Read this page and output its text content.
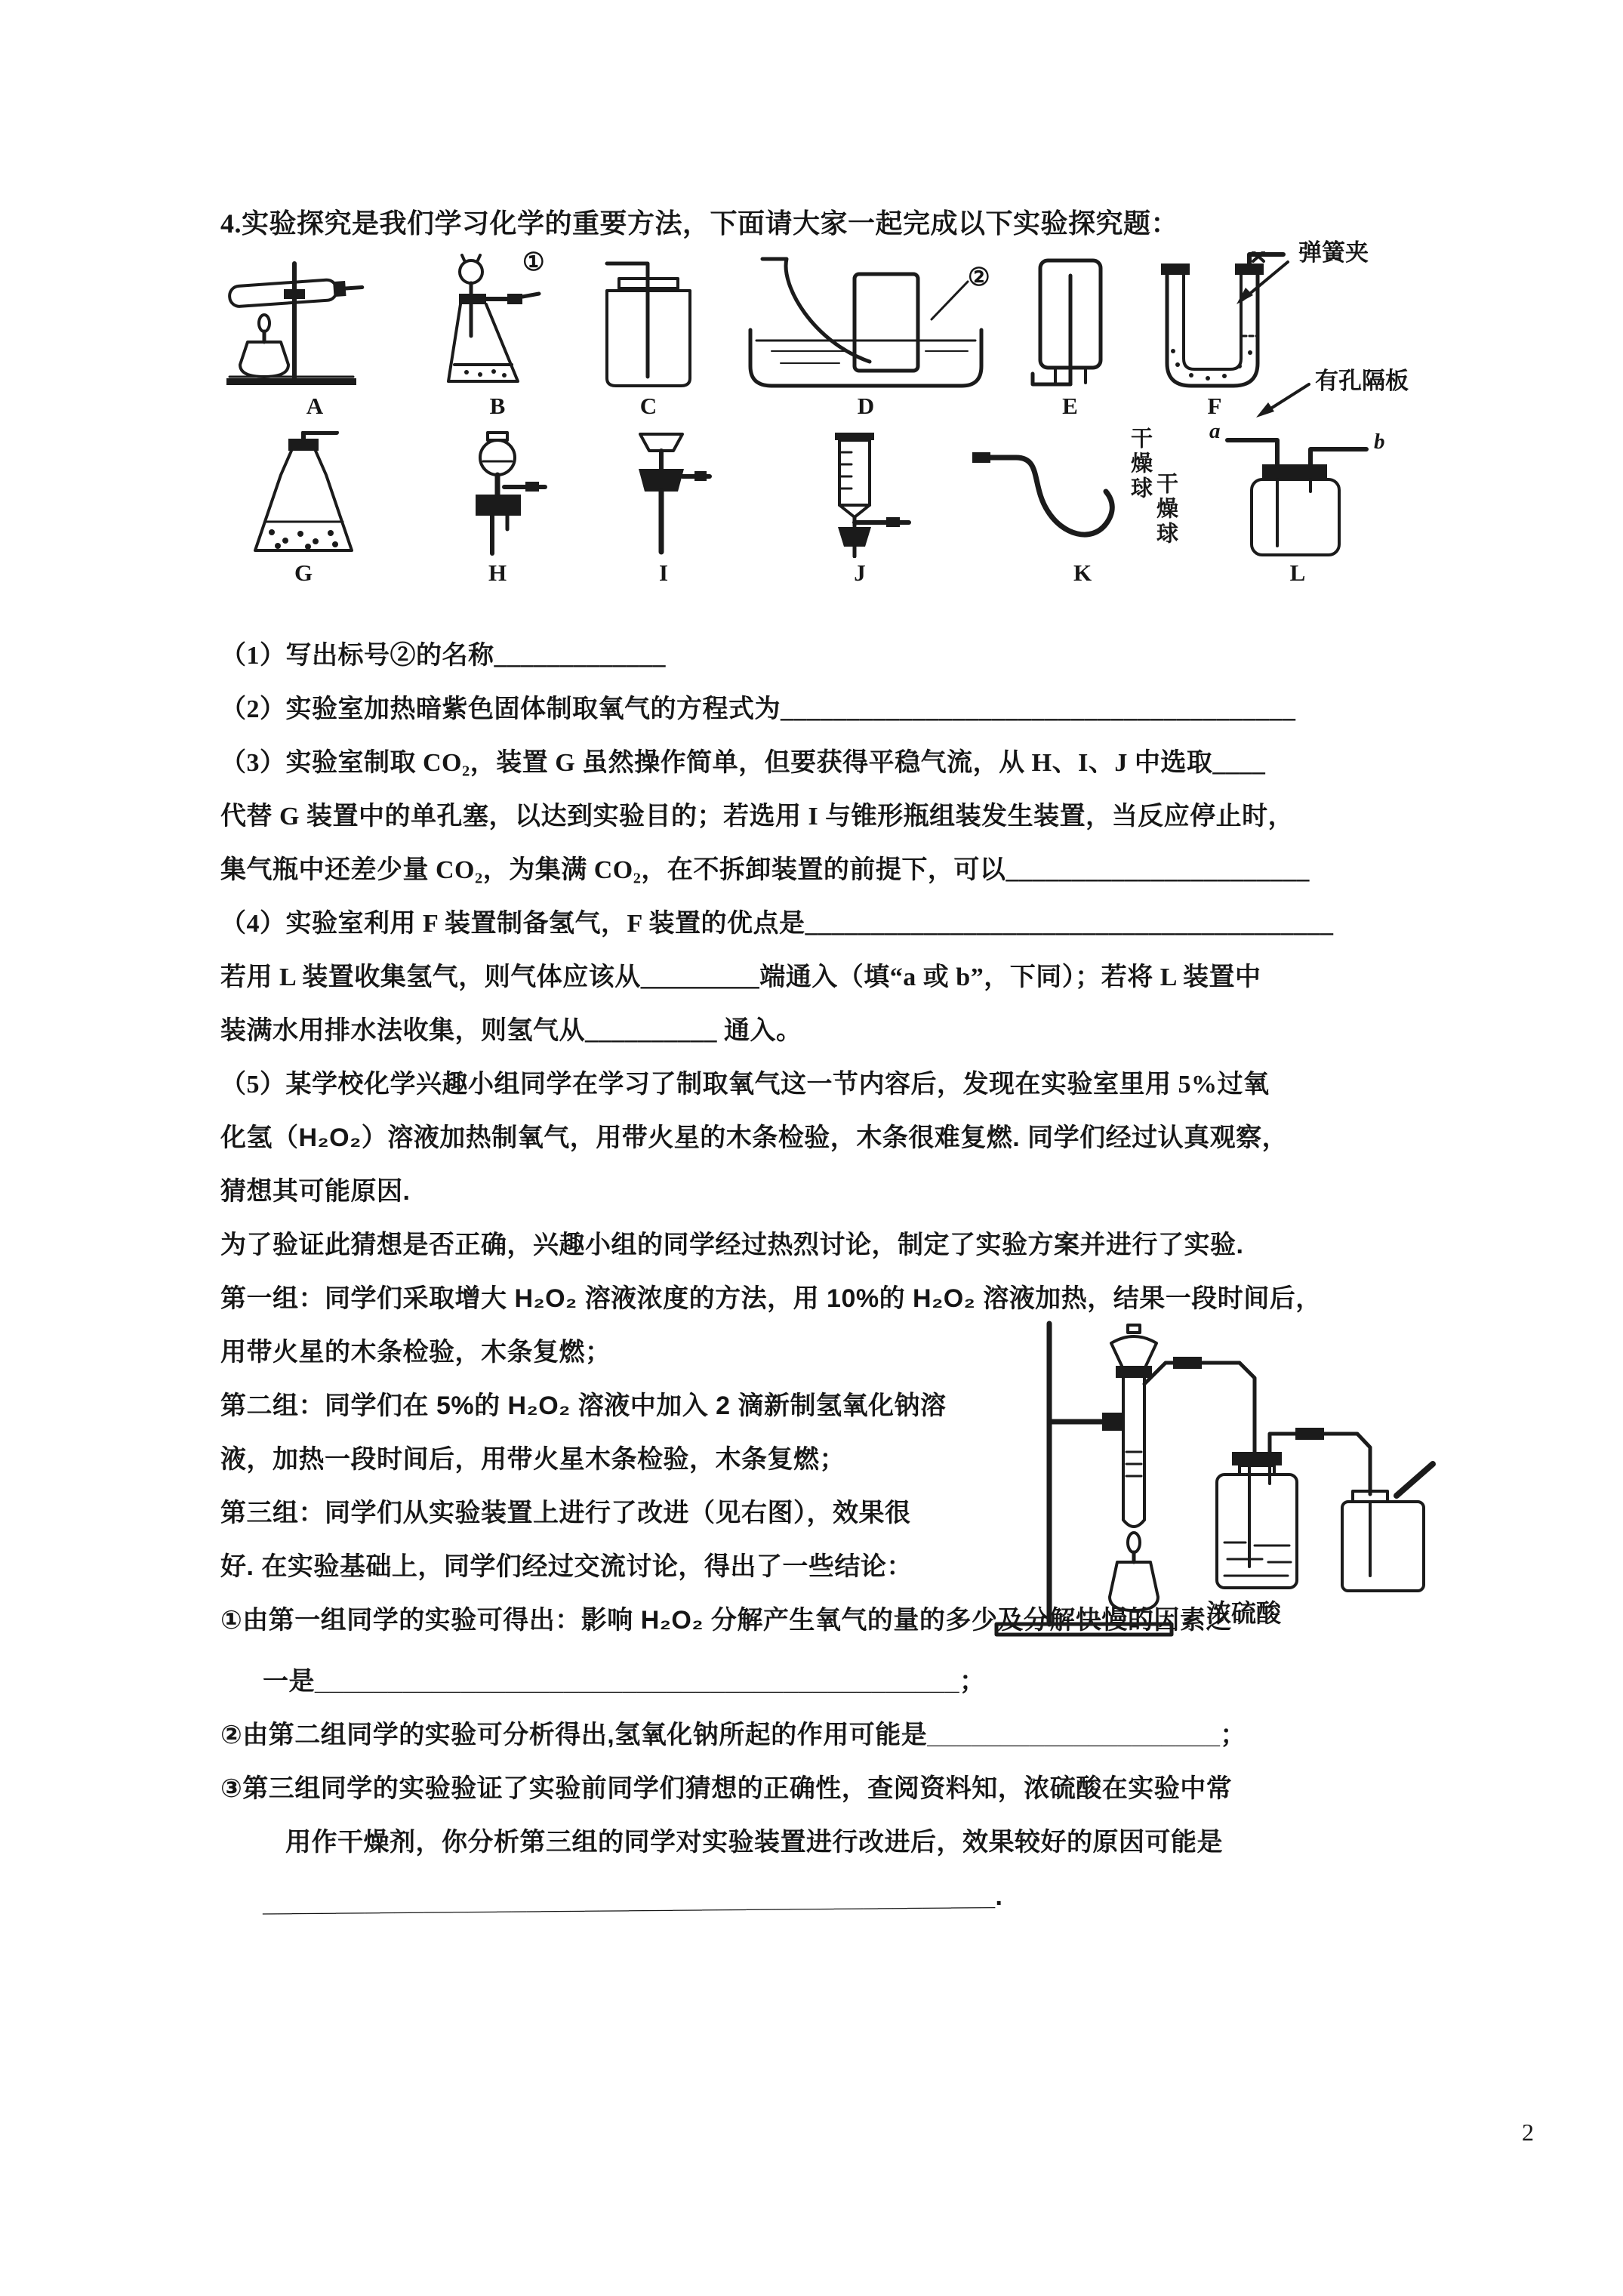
4.实验探究是我们学习化学的重要方法，下面请大家一起完成以下实验探究题：
A	B
①
C	D
②
E	F
弹簧夹
有孔隔板
G	H	I	J	K
干燥球
干燥球
L
a	b
（1）写出标号②的名称_____________
（2）实验室加热暗紫色固体制取氧气的方程式为_______________________________________
（3）实验室制取 CO₂，装置 G 虽然操作简单，但要获得平稳气流，从 H、I、J 中选取____
代替 G 装置中的单孔塞，以达到实验目的；若选用 I 与锥形瓶组装发生装置，当反应停止时，
集气瓶中还差少量 CO₂，为集满 CO₂，在不拆卸装置的前提下，可以_______________________
（4）实验室利用 F 装置制备氢气，F 装置的优点是________________________________________
若用 L 装置收集氢气，则气体应该从_________端通入（填“a 或 b”，下同）；若将 L 装置中
装满水用排水法收集，则氢气从__________ 通入。
（5）某学校化学兴趣小组同学在学习了制取氧气这一节内容后，发现在实验室里用 5%过氧
化氢（H₂O₂）溶液加热制氧气，用带火星的木条检验，木条很难复燃. 同学们经过认真观察，
猜想其可能原因.
为了验证此猜想是否正确，兴趣小组的同学经过热烈讨论，制定了实验方案并进行了实验.
第一组：同学们采取增大 H₂O₂ 溶液浓度的方法，用 10%的 H₂O₂ 溶液加热，结果一段时间后，
用带火星的木条检验，木条复燃；
第二组：同学们在 5%的 H₂O₂ 溶液中加入 2 滴新制氢氧化钠溶
液，加热一段时间后，用带火星木条检验，木条复燃；
第三组：同学们从实验装置上进行了改进（见右图），效果很
好. 在实验基础上，同学们经过交流讨论，得出了一些结论：
①由第一组同学的实验可得出：影响 H₂O₂ 分解产生氧气的量的多少及分解快慢的因素之
一是____________________________________________；
②由第二组同学的实验可分析得出,氢氧化钠所起的作用可能是____________________；
③第三组同学的实验验证了实验前同学们猜想的正确性，查阅资料知，浓硫酸在实验中常
用作干燥剂，你分析第三组的同学对实验装置进行改进后，效果较好的原因可能是
__________________________________________________.
浓硫酸
2
